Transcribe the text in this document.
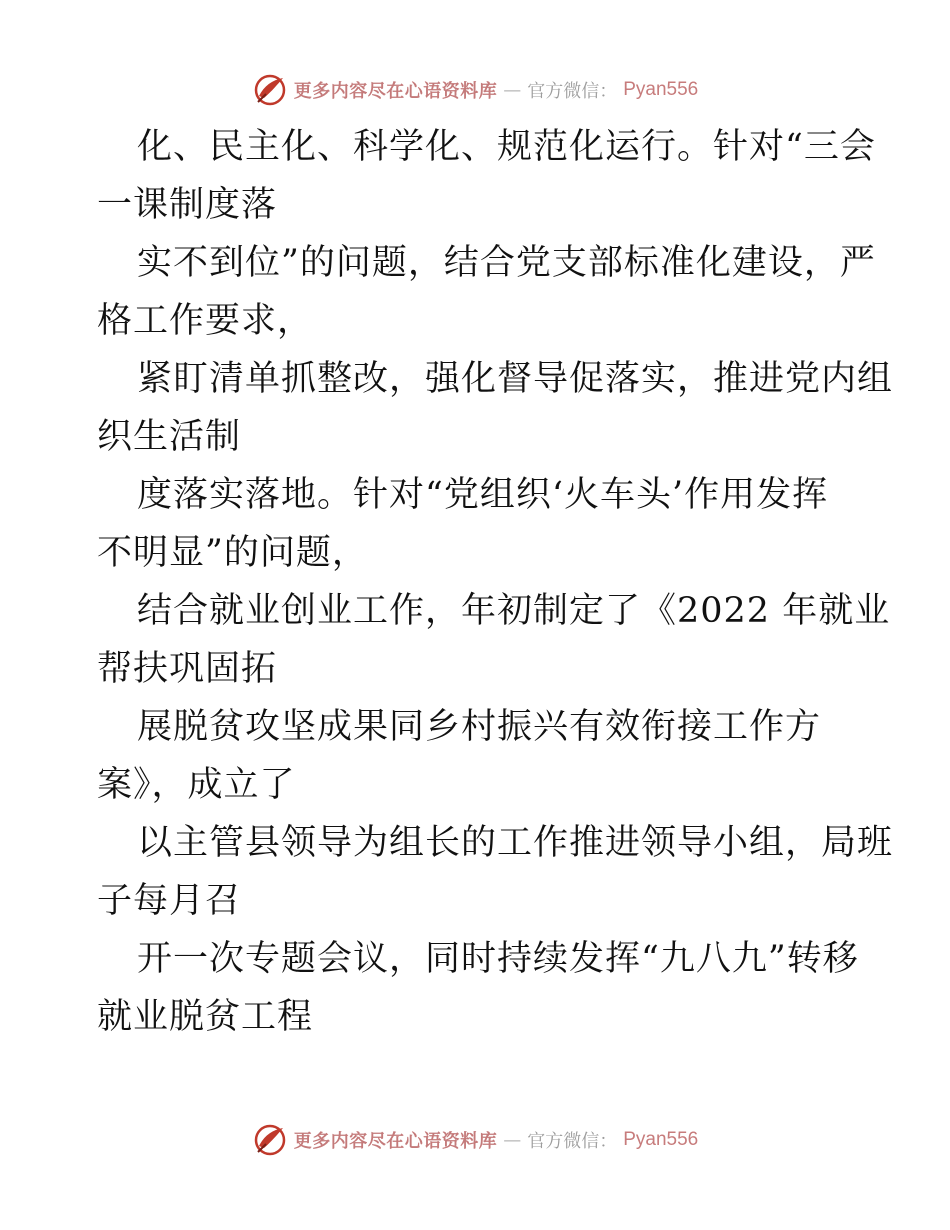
更多内容尽在心语资料库 — 官方微信： Pyan556
化、民主化、科学化、规范化运行。针对“三会
一课制度落
实不到位”的问题，结合党支部标准化建设，严
格工作要求，
紧盯清单抓整改，强化督导促落实，推进党内组
织生活制
度落实落地。针对“党组织‘火车头’作用发挥
不明显”的问题，
结合就业创业工作，年初制定了《2022 年就业
帮扶巩固拓
展脱贫攻坚成果同乡村振兴有效衔接工作方
案》，成立了
以主管县领导为组长的工作推进领导小组，局班
子每月召
开一次专题会议，同时持续发挥“九八九”转移
就业脱贫工程
更多内容尽在心语资料库 — 官方微信： Pyan556
